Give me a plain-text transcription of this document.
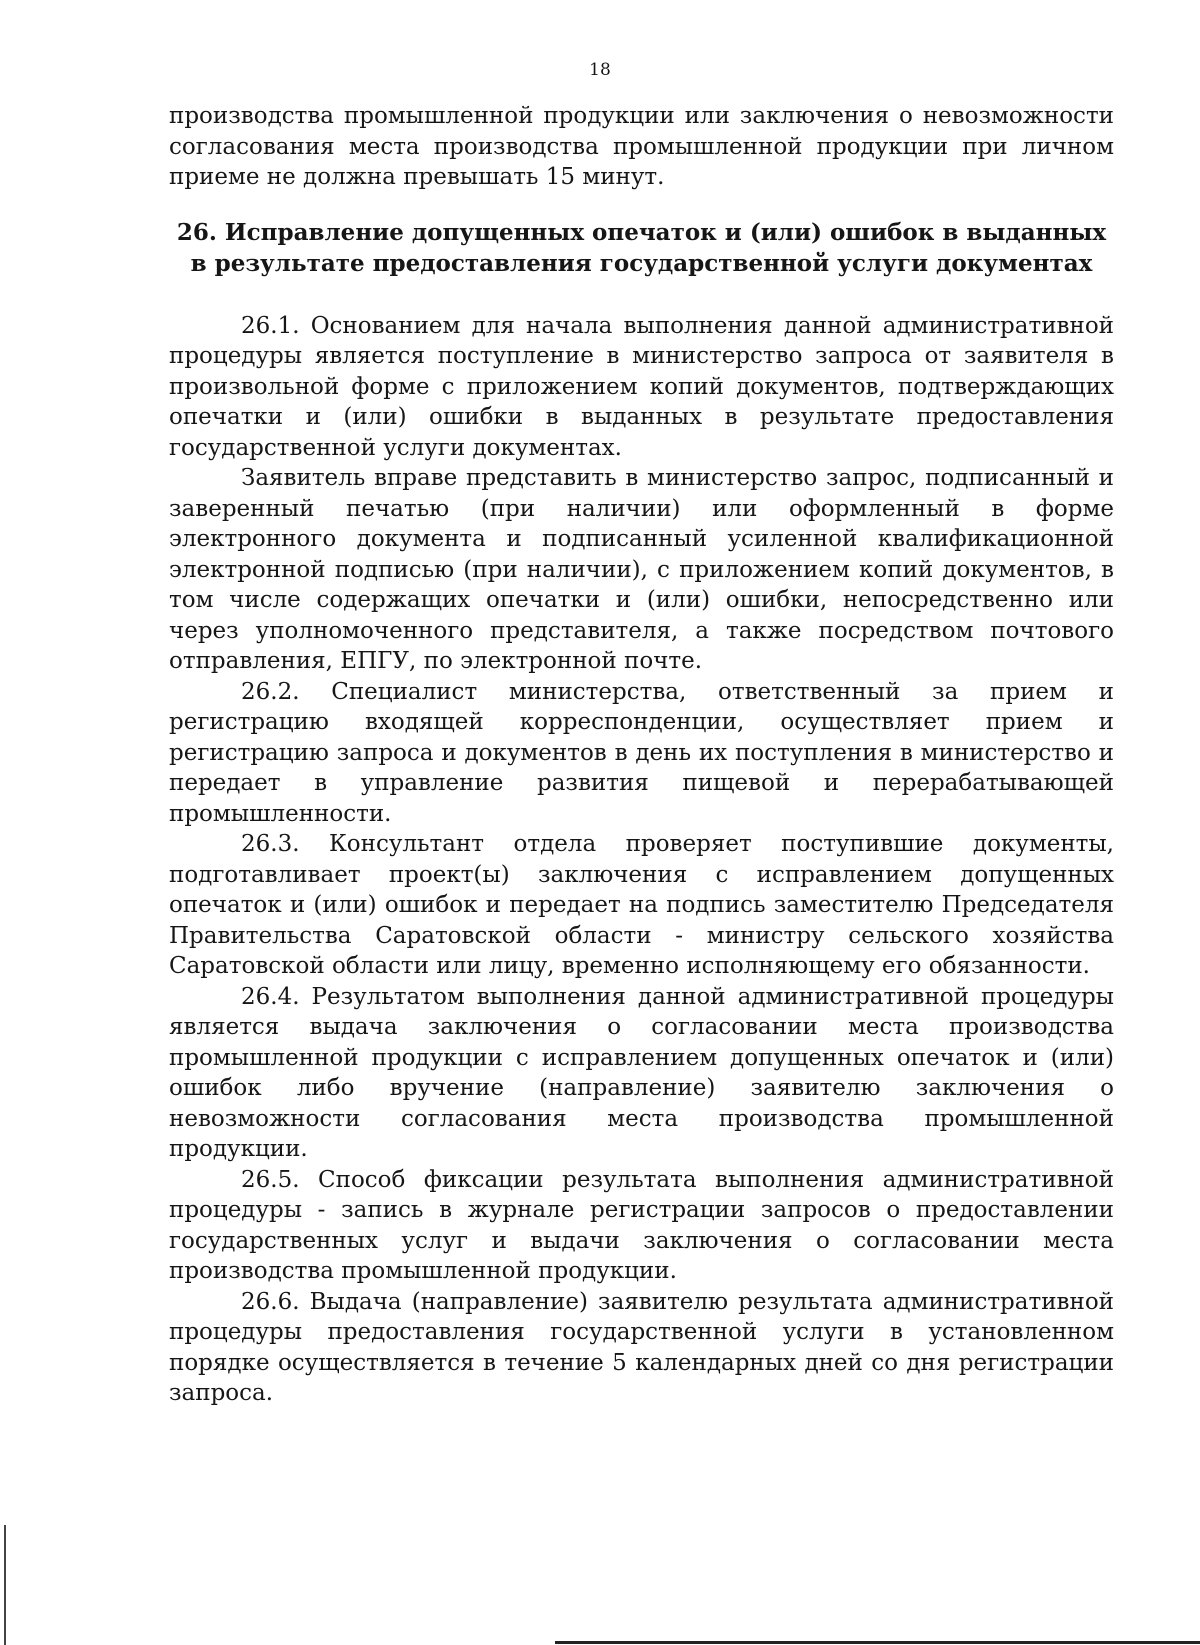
18

производства промышленной продукции или заключения о невозможности согласования места производства промышленной продукции при личном приеме не должна превышать 15 минут.

26. Исправление допущенных опечаток и (или) ошибок в выданных
в результате предоставления государственной услуги документах

26.1. Основанием для начала выполнения данной административной процедуры является поступление в министерство запроса от заявителя в произвольной форме с приложением копий документов, подтверждающих опечатки и (или) ошибки в выданных в результате предоставления государственной услуги документах.

Заявитель вправе представить в министерство запрос, подписанный и заверенный печатью (при наличии) или оформленный в форме электронного документа и подписанный усиленной квалификационной электронной подписью (при наличии), с приложением копий документов, в том числе содержащих опечатки и (или) ошибки, непосредственно или через уполномоченного представителя, а также посредством почтового отправления, ЕПГУ, по электронной почте.

26.2. Специалист министерства, ответственный за прием и регистрацию входящей корреспонденции, осуществляет прием и регистрацию запроса и документов в день их поступления в министерство и передает в управление развития пищевой и перерабатывающей промышленности.

26.3. Консультант отдела проверяет поступившие документы, подготавливает проект(ы) заключения с исправлением допущенных опечаток и (или) ошибок и передает на подпись заместителю Председателя Правительства Саратовской области - министру сельского хозяйства Саратовской области или лицу, временно исполняющему его обязанности.

26.4. Результатом выполнения данной административной процедуры является выдача заключения о согласовании места производства промышленной продукции с исправлением допущенных опечаток и (или) ошибок либо вручение (направление) заявителю заключения о невозможности согласования места производства промышленной продукции.

26.5. Способ фиксации результата выполнения административной процедуры - запись в журнале регистрации запросов о предоставлении государственных услуг и выдачи заключения о согласовании места производства промышленной продукции.

26.6. Выдача (направление) заявителю результата административной процедуры предоставления государственной услуги в установленном порядке осуществляется в течение 5 календарных дней со дня регистрации запроса.
